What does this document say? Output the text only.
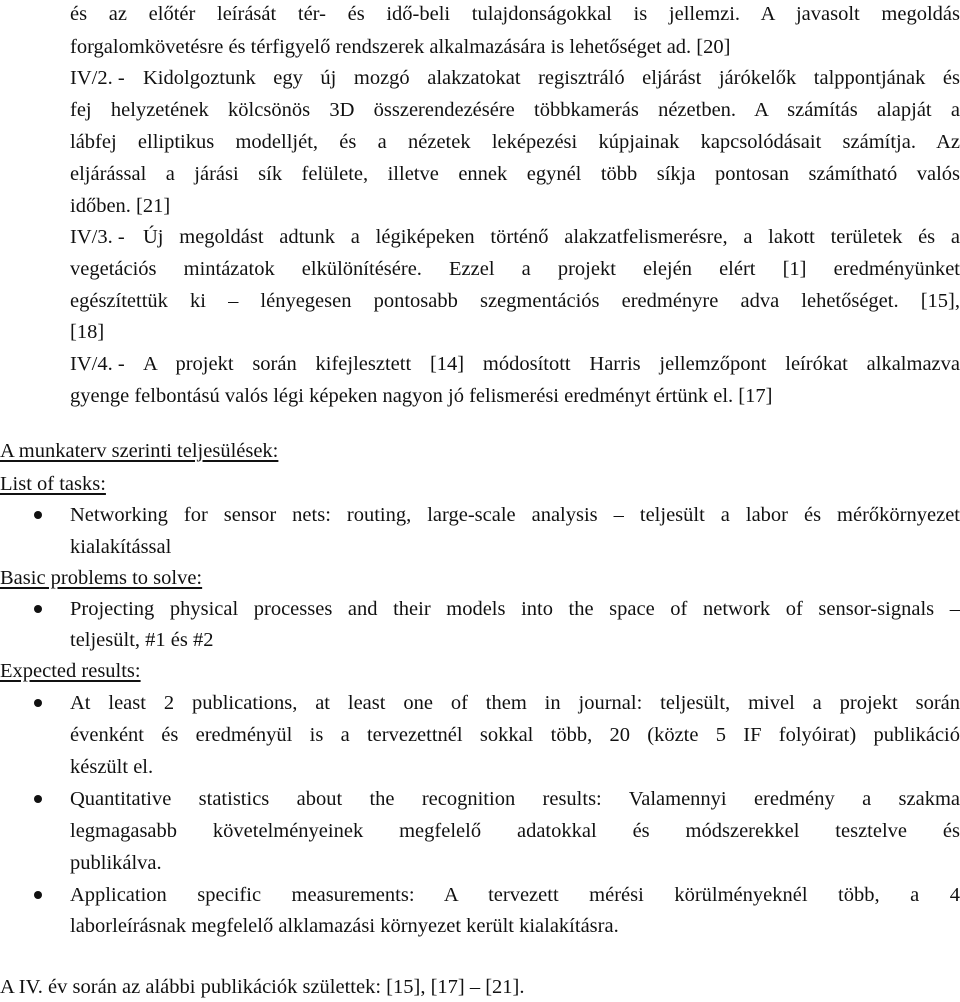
és az előtér leírását tér- és idő-beli tulajdonságokkal is jellemzi. A javasolt megoldás
forgalomkövetésre és térfigyelő rendszerek alkalmazására is lehetőséget ad. [20]
IV/2. - Kidolgoztunk egy új mozgó alakzatokat regisztráló eljárást járókelők talppontjának és
fej helyzetének kölcsönös 3D összerendezésére többkamerás nézetben. A számítás alapját a
lábfej elliptikus modelljét, és a nézetek leképezési kúpjainak kapcsolódásait számítja. Az
eljárással a járási sík felülete, illetve ennek egynél több síkja pontosan számítható valós
időben. [21]
IV/3. - Új megoldást adtunk a légiképeken történő alakzatfelismerésre, a lakott területek és a
vegetációs mintázatok elkülönítésére. Ezzel a projekt elején elért [1] eredményünket
egészítettük ki – lényegesen pontosabb szegmentációs eredményre adva lehetőséget. [15],
[18]
IV/4. - A projekt során kifejlesztett [14] módosított Harris jellemzőpont leírókat alkalmazva
gyenge felbontású valós légi képeken nagyon jó felismerési eredményt értünk el. [17]
A munkaterv szerinti teljesülések:
List of tasks:
Networking for sensor nets: routing, large-scale analysis – teljesült a labor és mérőkörnyezet
kialakítással
Basic problems to solve:
Projecting physical processes and their models into the space of network of sensor-signals –
teljesült, #1 és #2
Expected results:
At least 2 publications, at least one of them in journal: teljesült, mivel a projekt során
évenként és eredményül is a tervezettnél sokkal több, 20 (közte 5 IF folyóirat) publikáció
készült el.
Quantitative statistics about the recognition results: Valamennyi eredmény a szakma
legmagasabb követelményeinek megfelelő adatokkal és módszerekkel tesztelve és
publikálva.
Application specific measurements: A tervezett mérési körülményeknél több, a 4
laborleírásnak megfelelő alklamazási környezet került kialakításra.
A IV. év során az alábbi publikációk születtek: [15], [17] – [21].
